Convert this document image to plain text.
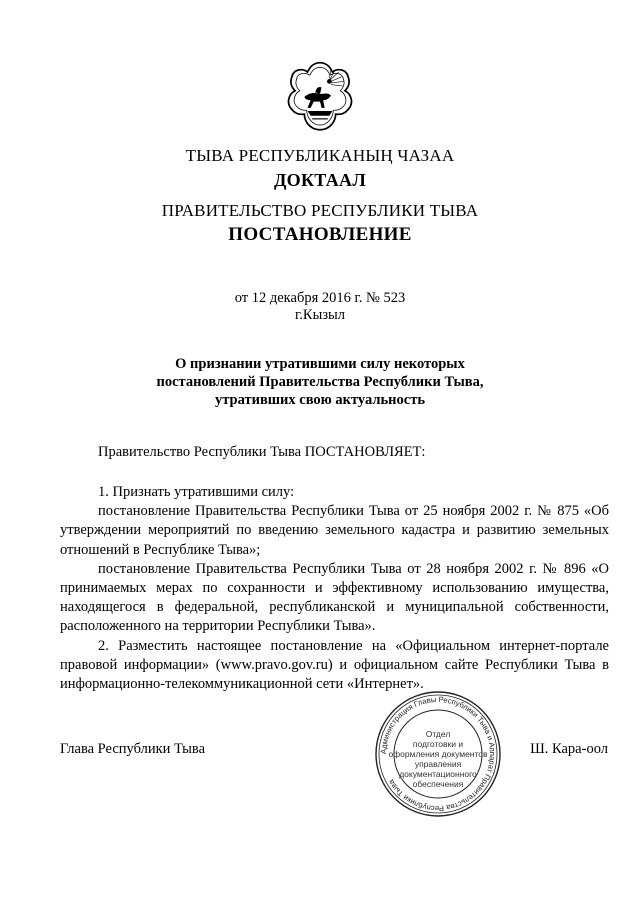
ТЫВА РЕСПУБЛИКАНЫҢ ЧАЗАА
ДОКТААЛ
ПРАВИТЕЛЬСТВО РЕСПУБЛИКИ ТЫВА
ПОСТАНОВЛЕНИЕ
от 12 декабря 2016 г. № 523
г.Кызыл
О признании утратившими силу некоторых
постановлений Правительства Республики Тыва,
утративших свою актуальность

Правительство Республики Тыва ПОСТАНОВЛЯЕТ:

1. Признать утратившими силу:

постановление Правительства Республики Тыва от 25 ноября 2002 г. № 875 «Об утверждении мероприятий по введению земельного кадастра и развитию земельных отношений в Республике Тыва»;

постановление Правительства Республики Тыва от 28 ноября 2002 г. № 896 «О принимаемых мерах по сохранности и эффективному использованию имущества, находящегося в федеральной, республиканской и муниципальной собственности, расположенного на территории Республики Тыва».

2. Разместить настоящее постановление на «Официальном интернет-портале правовой информации» (www.pravo.gov.ru) и официальном сайте Республики Тыва в информационно-телекоммуникационной сети «Интернет».

Администрация Главы Республики Тыва и Аппарат Правительства Республики Тыва
Отдел
подготовки и
оформления документов
управления
документационного
обеспечения
Глава Республики Тыва	Ш. Кара-оол
